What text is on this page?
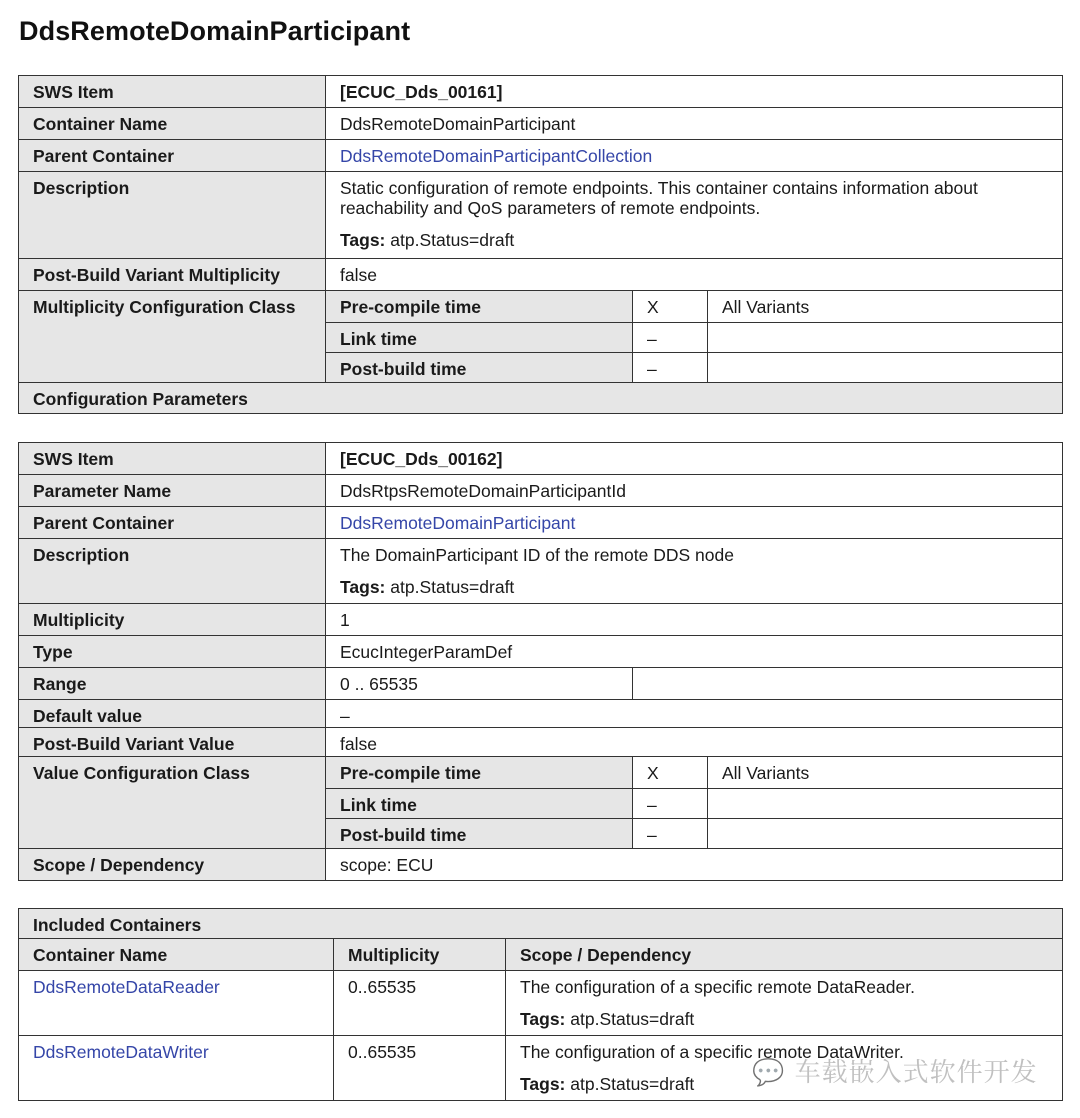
DdsRemoteDomainParticipant
SWS Item	[ECUC_Dds_00161]		
Container Name	DdsRemoteDomainParticipant		
Parent Container	DdsRemoteDomainParticipantCollection		
Description	Static configuration of remote endpoints. This container contains information about reachability and QoS parameters of remote endpoints.

Tags: atp.Status=draft		

Post-Build Variant Multiplicity	false		
Multiplicity Configuration Class	Pre-compile time	X	All Variants
	Link time	–	
	Post-build time	–	
Configuration Parameters			
SWS Item	[ECUC_Dds_00162]		
Parameter Name	DdsRtpsRemoteDomainParticipantId		
Parent Container	DdsRemoteDomainParticipant		
Description	The DomainParticipant ID of the remote DDS node

Tags: atp.Status=draft		

Multiplicity	1		
Type	EcucIntegerParamDef		
Range	0 .. 65535		
Default value	–		
Post-Build Variant Value	false		
Value Configuration Class	Pre-compile time	X	All Variants
	Link time	–	
	Post-build time	–	
Scope / Dependency	scope: ECU		
Included Containers		
Container Name	Multiplicity	Scope / Dependency
DdsRemoteDataReader	0..65535	The configuration of a specific remote DataReader.

Tags: atp.Status=draft

DdsRemoteDataWriter	0..65535	The configuration of a specific remote DataWriter.

Tags: atp.Status=draft	💬 车载嵌入式软件开发
